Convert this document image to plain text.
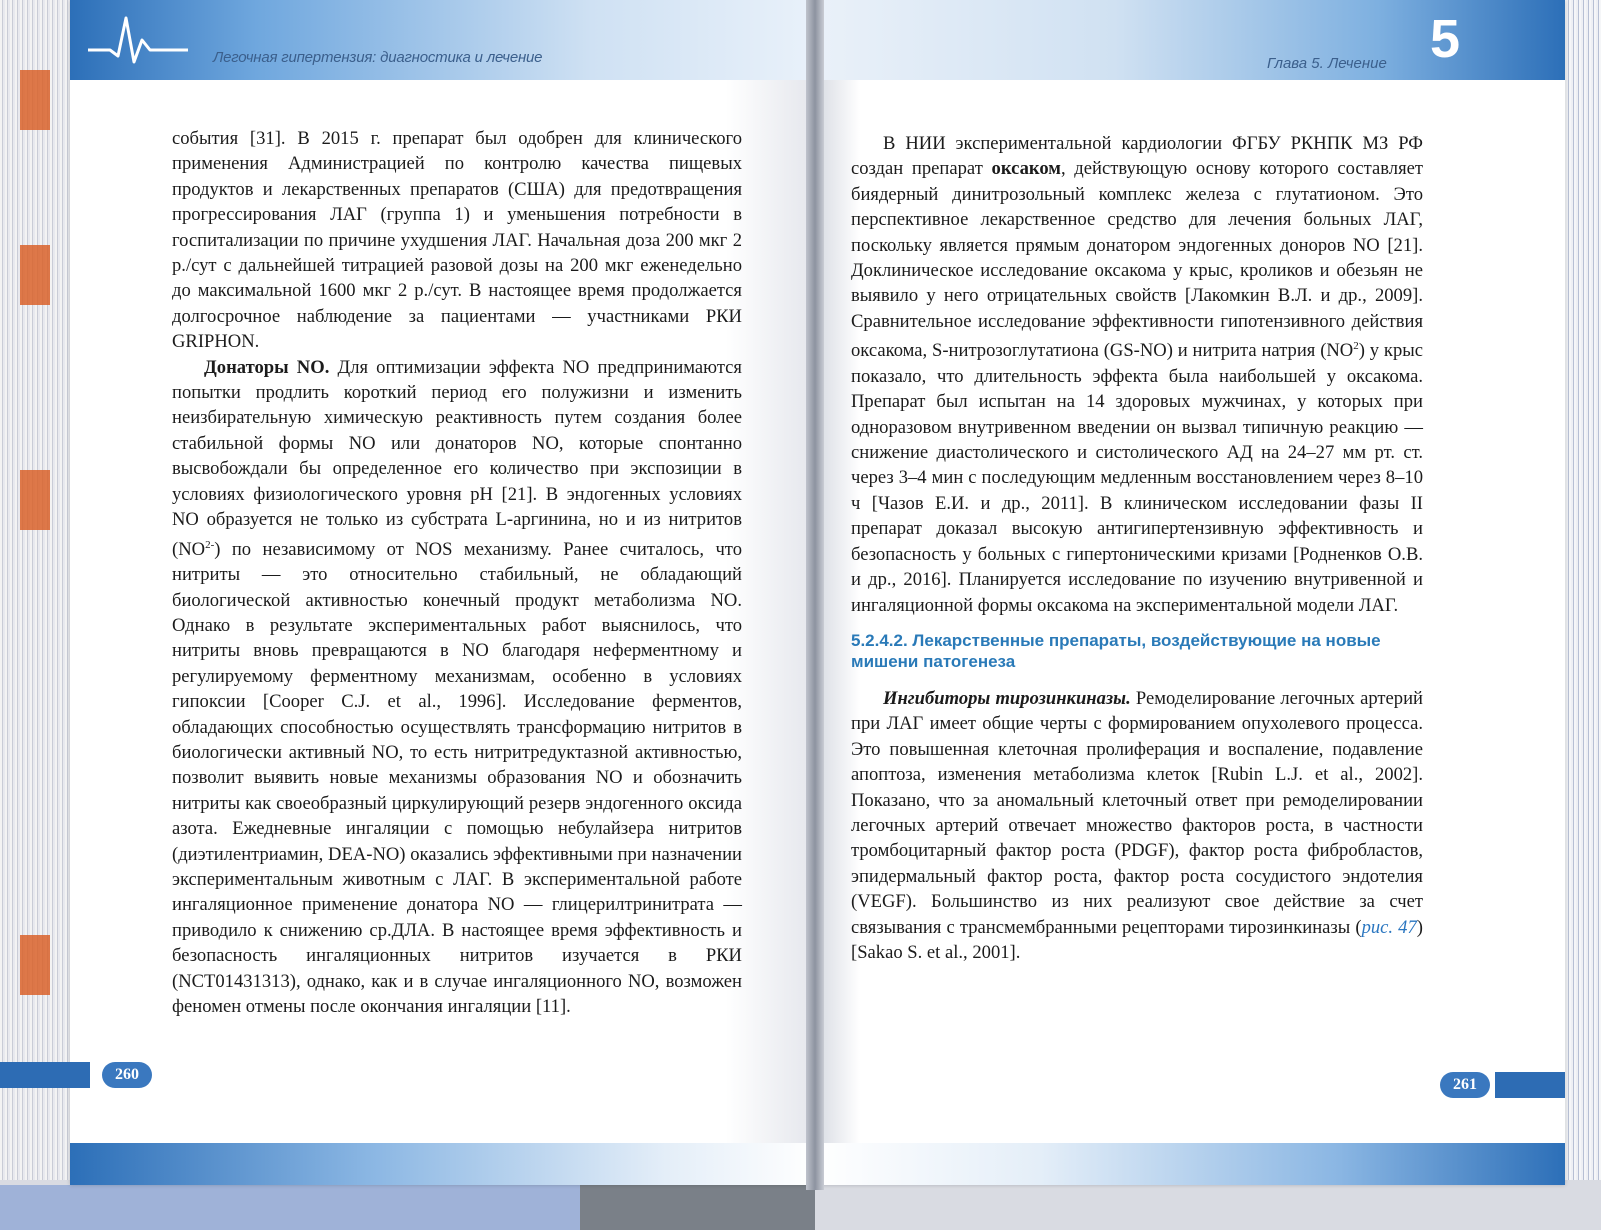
Легочная гипертензия: диагностика и лечение

события [31]. В 2015 г. препарат был одобрен для клинического применения Администрацией по контролю качества пищевых продуктов и лекарственных препаратов (США) для предотвращения прогрессирования ЛАГ (группа 1) и уменьшения потребности в госпитализации по причине ухудшения ЛАГ. Начальная доза 200 мкг 2 р./сут с дальнейшей титрацией разовой дозы на 200 мкг еженедельно до максимальной 1600 мкг 2 р./сут. В настоящее время продолжается долгосрочное наблюдение за пациентами — участниками РКИ GRIPHON.

Донаторы NO. Для оптимизации эффекта NO предпринимаются попытки продлить короткий период его полужизни и изменить неизбирательную химическую реактивность путем создания более стабильной формы NO или донаторов NO, которые спонтанно высвобождали бы определенное его количество при экспозиции в условиях физиологического уровня pH [21]. В эндогенных условиях NO образуется не только из субстрата L-аргинина, но и из нитритов $(NO^{2-})$ по независимому от NOS механизму. Ранее считалось, что нитриты — это относительно стабильный, не обладающий биологической активностью конечный продукт метаболизма NO. Однако в результате экспериментальных работ выяснилось, что нитриты вновь превращаются в NO благодаря неферментному и регулируемому ферментному механизмам, особенно в условиях гипоксии [Cooper C.J. et al., 1996]. Исследование ферментов, обладающих способностью осуществлять трансформацию нитритов в биологически активный NO, то есть нитритредуктазной активностью, позволит выявить новые механизмы образования NO и обозначить нитриты как своеобразный циркулирующий резерв эндогенного оксида азота. Ежедневные ингаляции с помощью небулайзера нитритов (диэтилентриамин, DEA-NO) оказались эффективными при назначении экспериментальным животным с ЛАГ. В экспериментальной работе ингаляционное применение донатора NO — глицерилтринитрата — приводило к снижению ср.ДЛА. В настоящее время эффективность и безопасность ингаляционных нитритов изучается в РКИ (NCT01431313), однако, как и в случае ингаляционного NO, возможен феномен отмены после окончания ингаляции [11].

260
Глава 5. Лечение 5

В НИИ экспериментальной кардиологии ФГБУ РКНПК МЗ РФ создан препарат оксаком, действующую основу которого составляет биядерный динитрозольный комплекс железа с глутатионом. Это перспективное лекарственное средство для лечения больных ЛАГ, поскольку является прямым донатором эндогенных доноров NO [21]. Доклиническое исследование оксакома у крыс, кроликов и обезьян не выявило у него отрицательных свойств [Лакомкин В.Л. и др., 2009]. Сравнительное исследование эффективности гипотензивного действия оксакома, S-нитрозоглутатиона (GS-NO) и нитрита натрия $(NO^2)$ у крыс показало, что длительность эффекта была наибольшей у оксакома. Препарат был испытан на 14 здоровых мужчинах, у которых при одноразовом внутривенном введении он вызвал типичную реакцию — снижение диастолического и систолического АД на 24–27 мм рт. ст. через 3–4 мин с последующим медленным восстановлением через 8–10 ч [Чазов Е.И. и др., 2011]. В клиническом исследовании фазы II препарат доказал высокую антигипертензивную эффективность и безопасность у больных с гипертоническими кризами [Родненков О.В. и др., 2016]. Планируется исследование по изучению внутривенной и ингаляционной формы оксакома на экспериментальной модели ЛАГ.

5.2.4.2. Лекарственные препараты, воздействующие на новые мишени патогенеза

Ингибиторы тирозинкиназы. Ремоделирование легочных артерий при ЛАГ имеет общие черты с формированием опухолевого процесса. Это повышенная клеточная пролиферация и воспаление, подавление апоптоза, изменения метаболизма клеток [Rubin L.J. et al., 2002]. Показано, что за аномальный клеточный ответ при ремоделировании легочных артерий отвечает множество факторов роста, в частности тромбоцитарный фактор роста (PDGF), фактор роста фибробластов, эпидермальный фактор роста, фактор роста сосудистого эндотелия (VEGF). Большинство из них реализуют свое действие за счет связывания с трансмембранными рецепторами тирозинкиназы (рис. 47) [Sakao S. et al., 2001].

261
